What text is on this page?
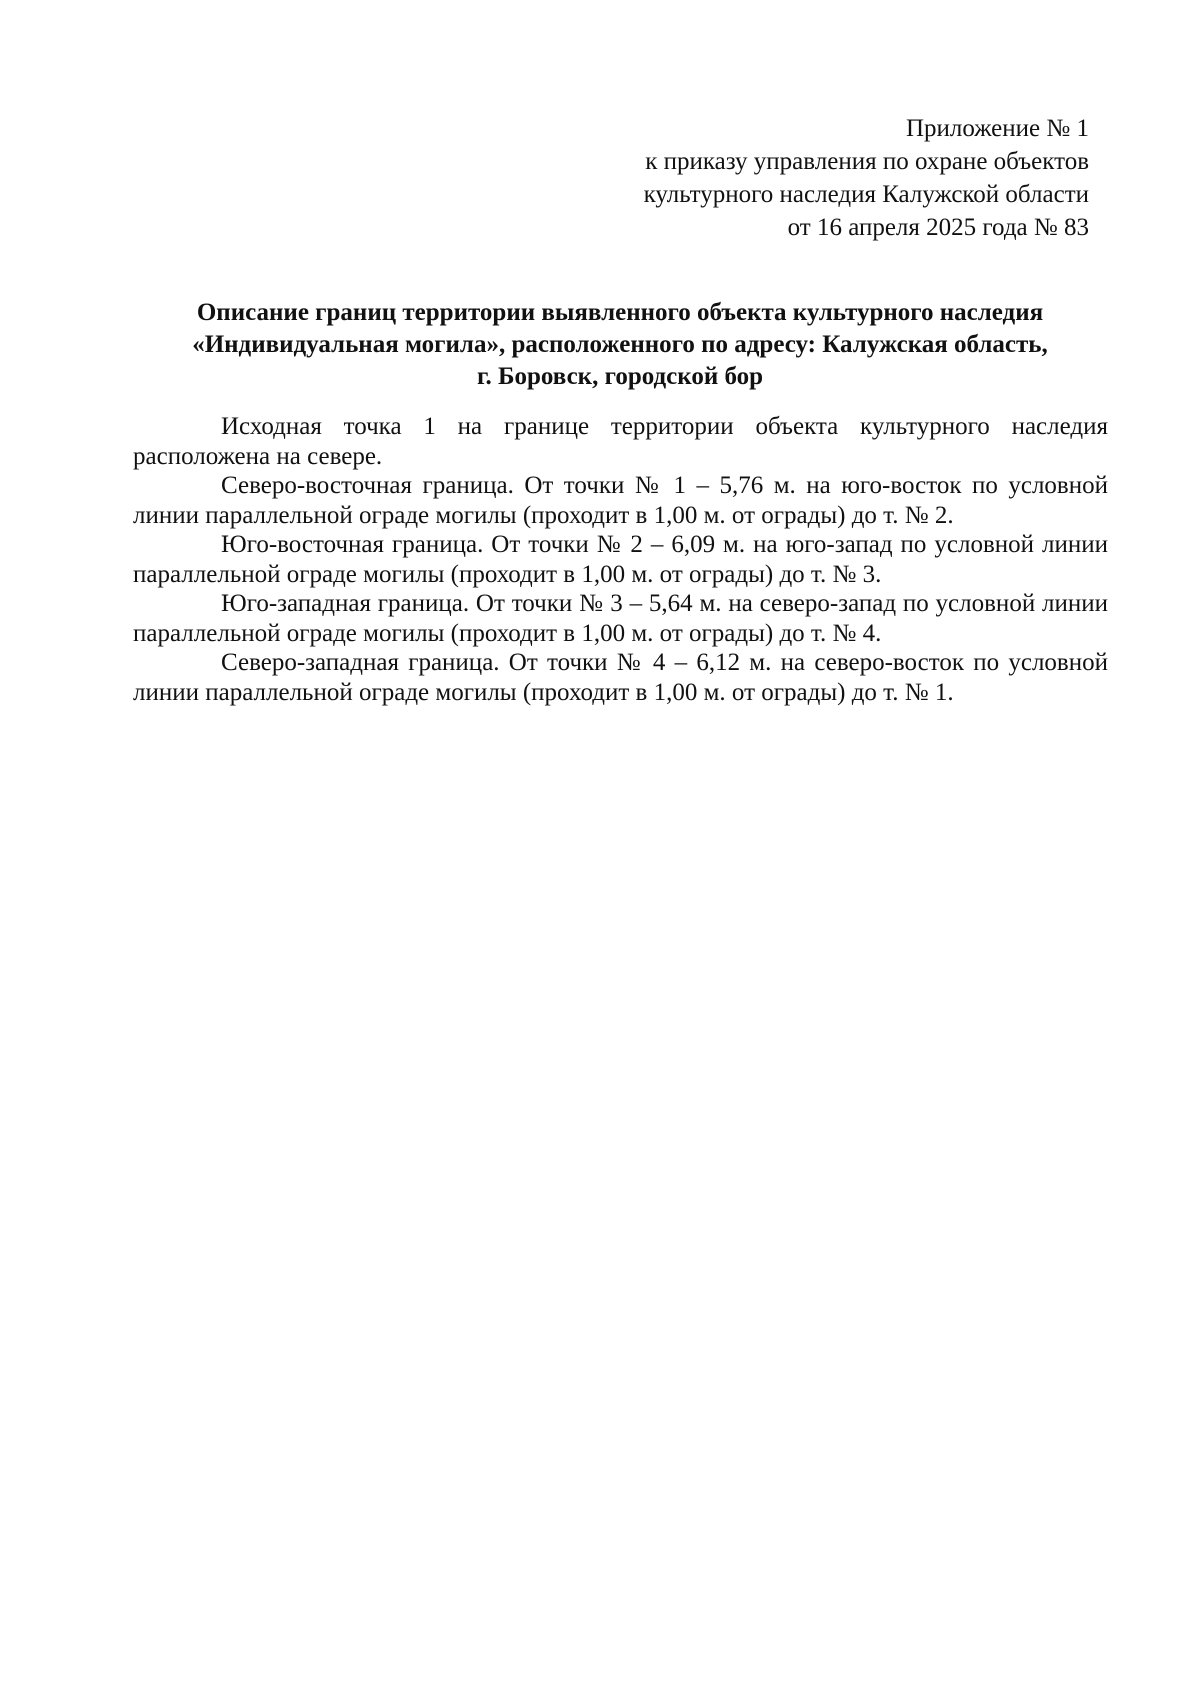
Приложение № 1
к приказу управления по охране объектов
культурного наследия Калужской области
от 16 апреля 2025 года № 83
Описание границ территории выявленного объекта культурного наследия
«Индивидуальная могила», расположенного по адресу: Калужская область,
г. Боровск, городской бор

Исходная точка 1 на границе территории объекта культурного наследия расположена на севере.

Северо-восточная граница. От точки № 1 – 5,76 м. на юго-восток по условной линии параллельной ограде могилы (проходит в 1,00 м. от ограды) до т. № 2.

Юго-восточная граница. От точки № 2 – 6,09 м. на юго-запад по условной линии параллельной ограде могилы (проходит в 1,00 м. от ограды) до т. № 3.

Юго-западная граница. От точки № 3 – 5,64 м. на северо-запад по условной линии параллельной ограде могилы (проходит в 1,00 м. от ограды) до т. № 4.

Северо-западная граница. От точки № 4 – 6,12 м. на северо-восток по условной линии параллельной ограде могилы (проходит в 1,00 м. от ограды) до т. № 1.
